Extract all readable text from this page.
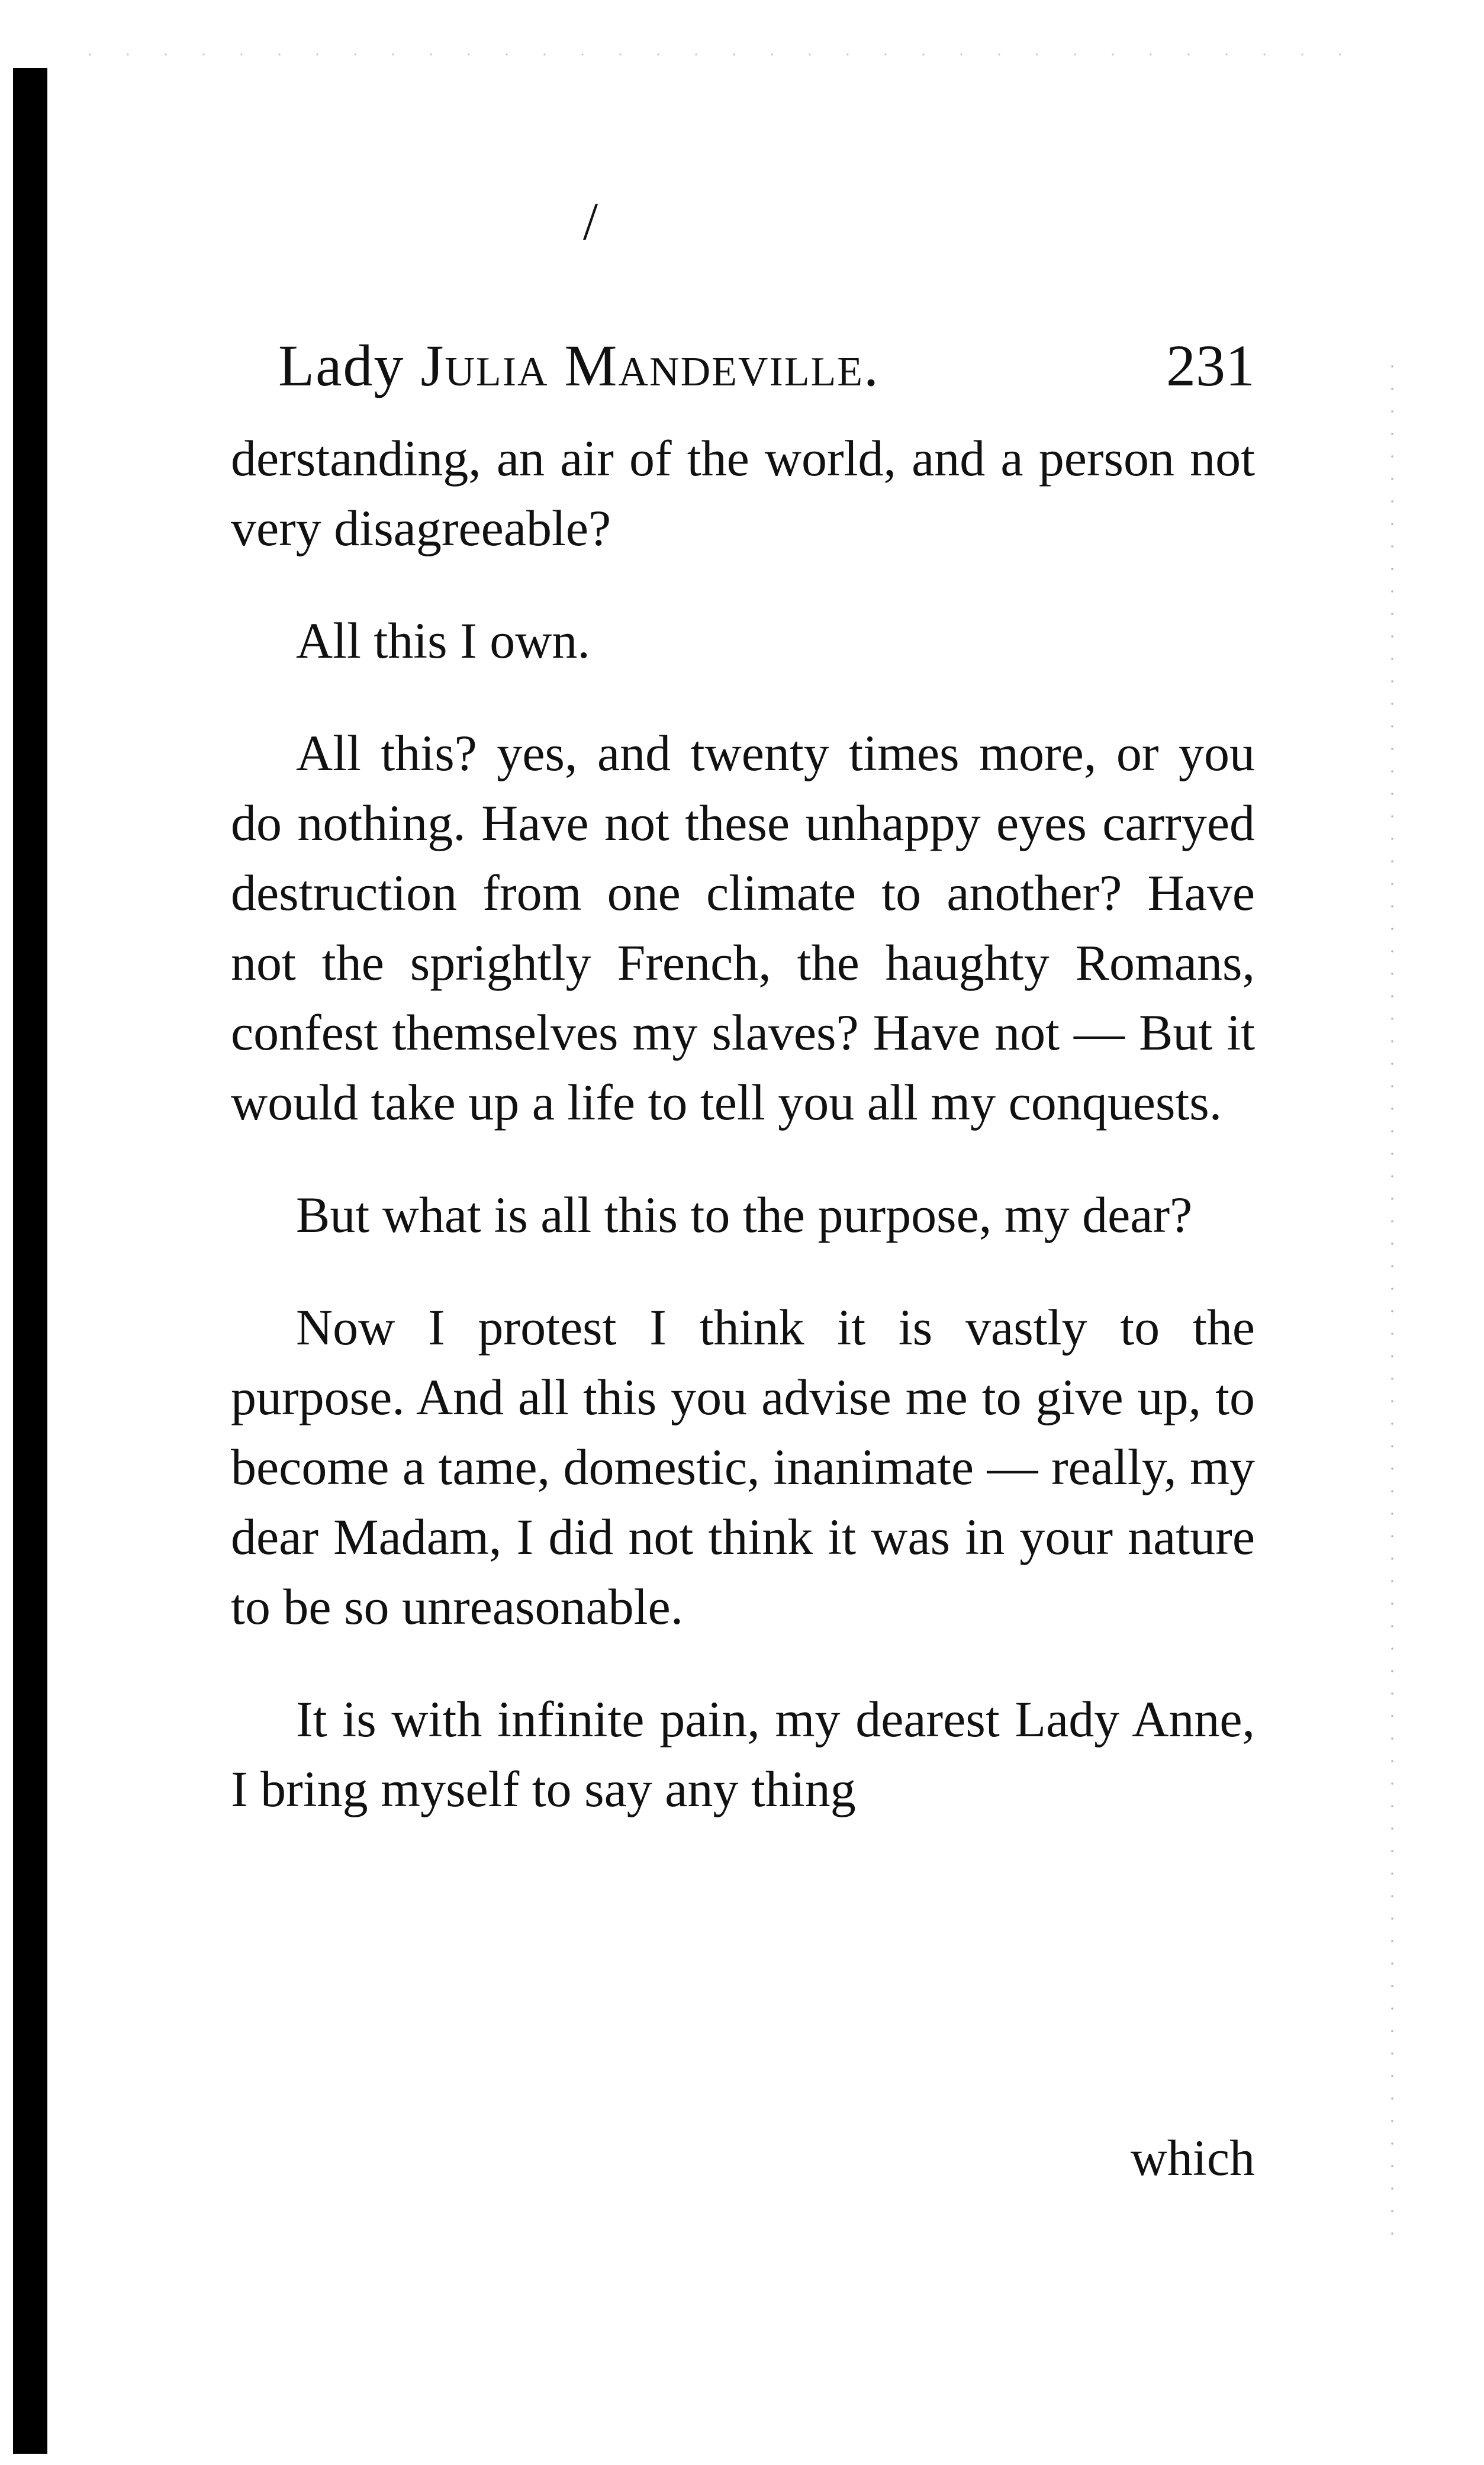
/
Lady Julia Mandeville.	231

derstanding, an air of the world, and a person not very disagreeable?

All this I own.

All this? yes, and twenty times more, or you do nothing. Have not these unhappy eyes carryed destruction from one climate to another? Have not the sprightly French, the haughty Romans, confest themselves my slaves? Have not — But it would take up a life to tell you all my conquests.

But what is all this to the purpose, my dear?

Now I protest I think it is vastly to the purpose. And all this you advise me to give up, to become a tame, domestic, inanimate — really, my dear Madam, I did not think it was in your nature to be so unreasonable.

It is with infinite pain, my dearest Lady Anne, I bring myself to say any thing

which
